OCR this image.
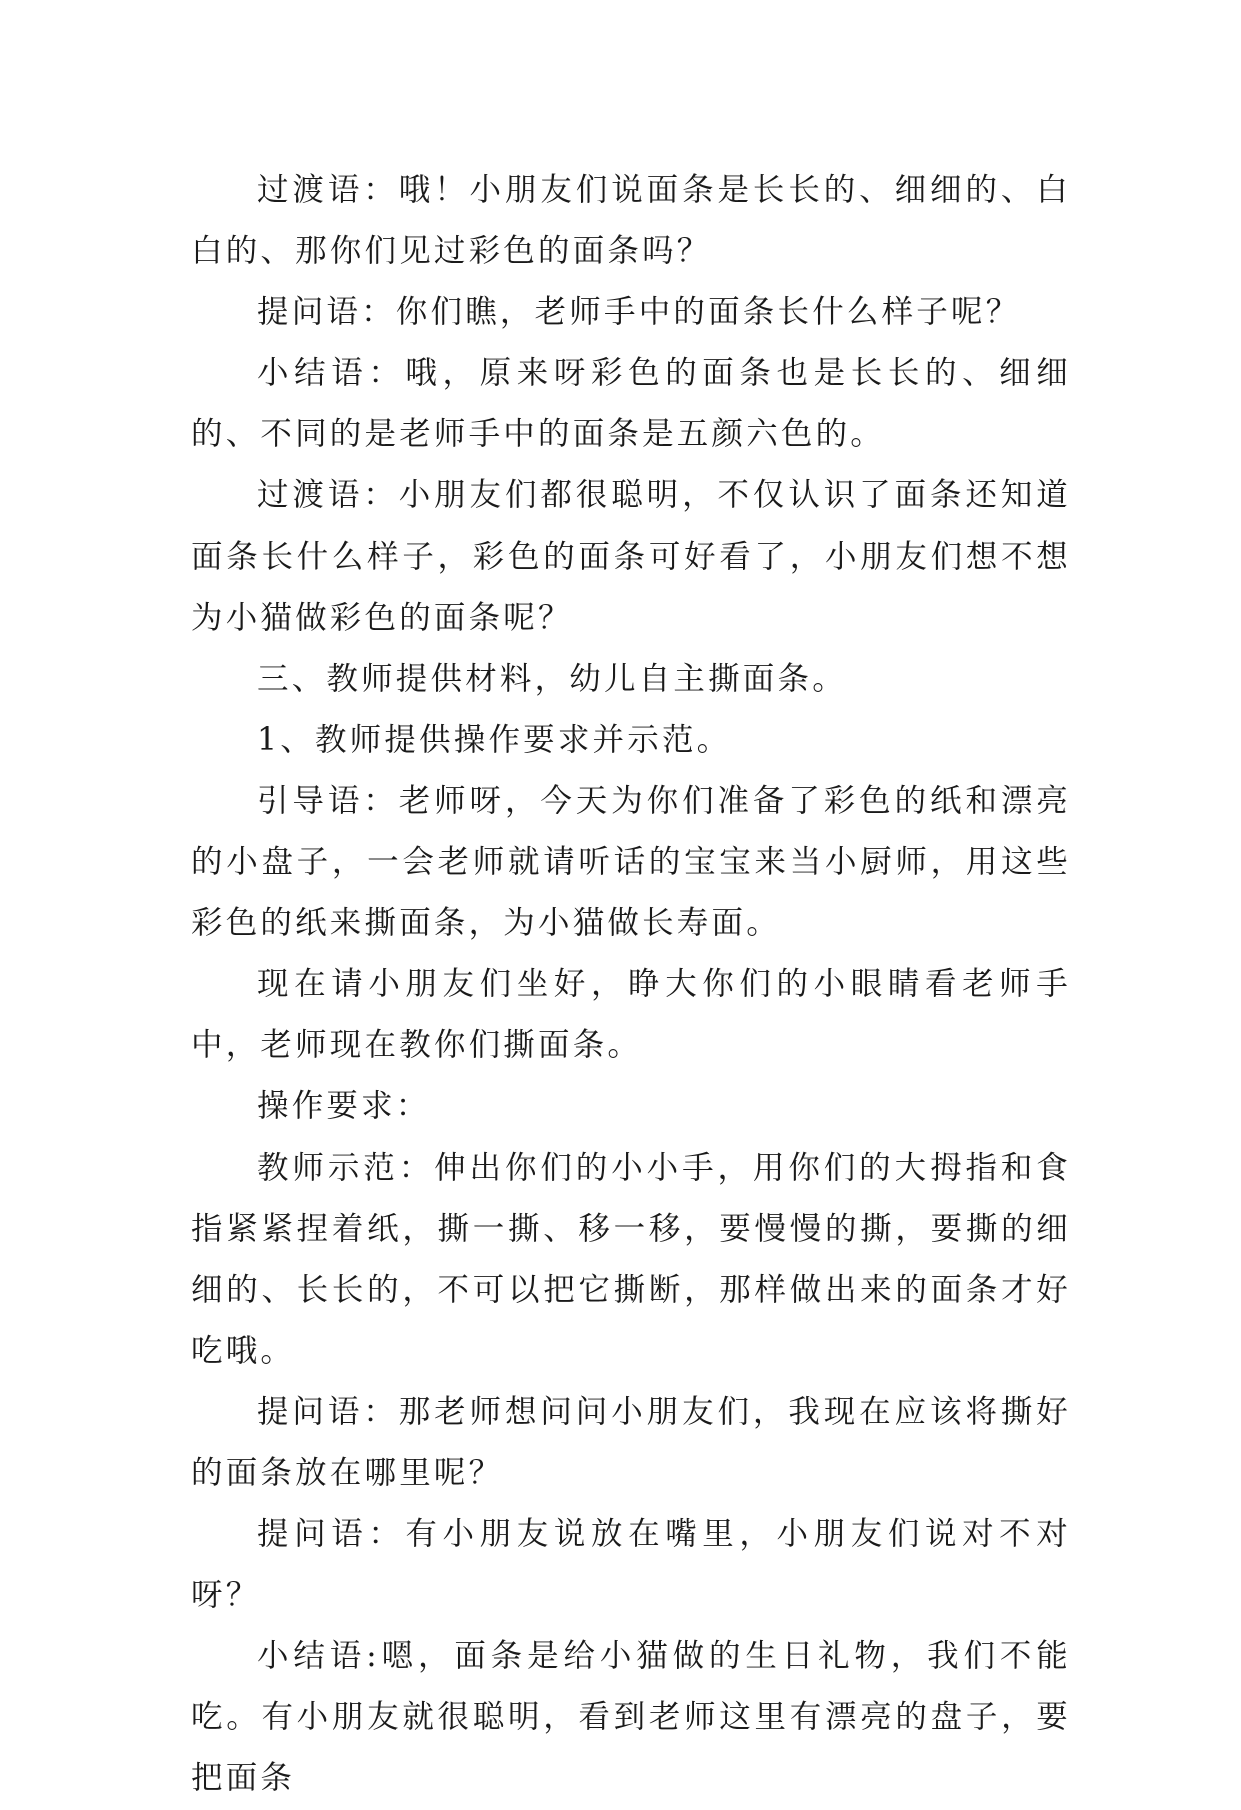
过渡语：哦！小朋友们说面条是长长的、细细的、白白的、那你们见过彩色的面条吗？

提问语：你们瞧，老师手中的面条长什么样子呢？

小结语：哦，原来呀彩色的面条也是长长的、细细的、不同的是老师手中的面条是五颜六色的。

过渡语：小朋友们都很聪明，不仅认识了面条还知道面条长什么样子，彩色的面条可好看了，小朋友们想不想为小猫做彩色的面条呢？

三、教师提供材料，幼儿自主撕面条。

1、教师提供操作要求并示范。

引导语：老师呀，今天为你们准备了彩色的纸和漂亮的小盘子，一会老师就请听话的宝宝来当小厨师，用这些彩色的纸来撕面条，为小猫做长寿面。

现在请小朋友们坐好，睁大你们的小眼睛看老师手中，老师现在教你们撕面条。

操作要求：

教师示范：伸出你们的小小手，用你们的大拇指和食指紧紧捏着纸，撕一撕、移一移，要慢慢的撕，要撕的细细的、长长的，不可以把它撕断，那样做出来的面条才好吃哦。

提问语：那老师想问问小朋友们，我现在应该将撕好的面条放在哪里呢？

提问语：有小朋友说放在嘴里，小朋友们说对不对呀？

小结语:嗯，面条是给小猫做的生日礼物，我们不能吃。有小朋友就很聪明，看到老师这里有漂亮的盘子，要把面条
